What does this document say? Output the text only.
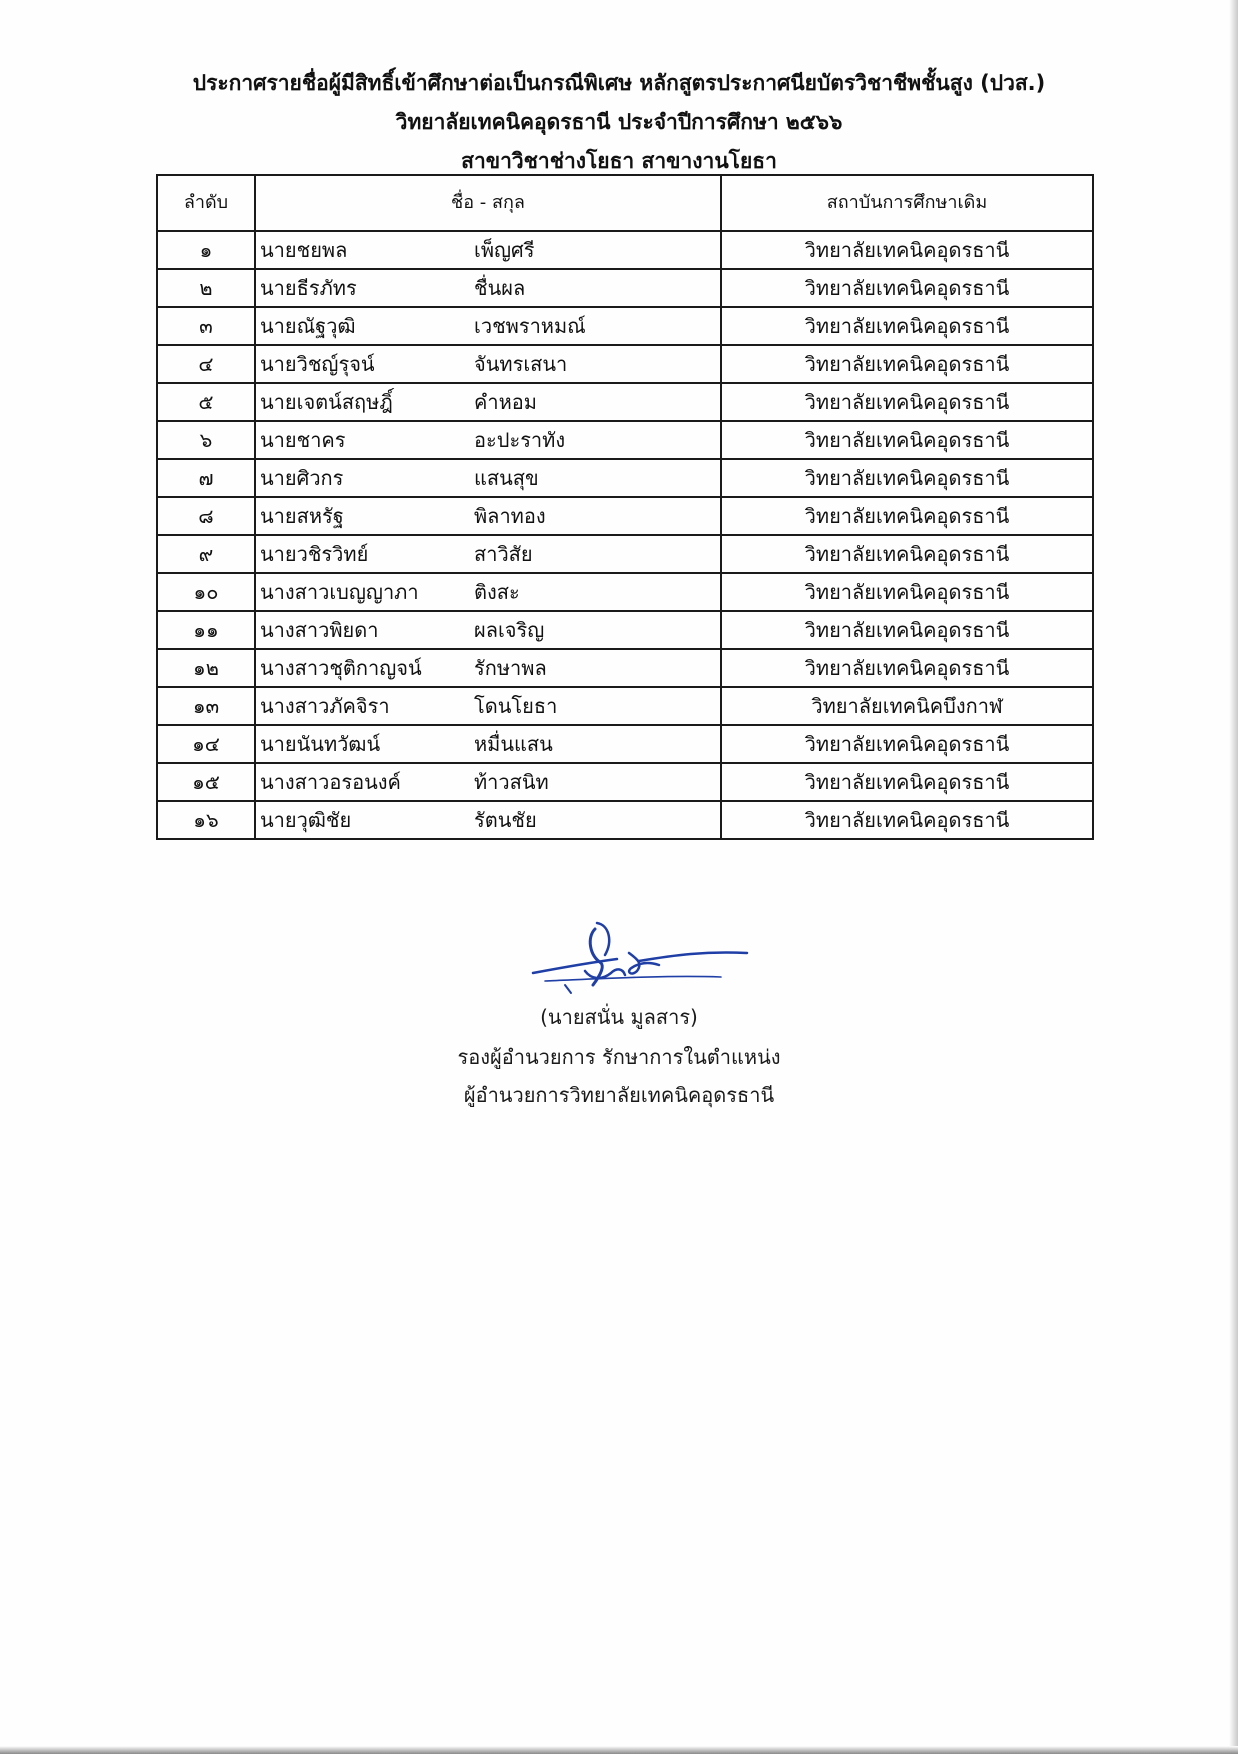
ประกาศรายชื่อผู้มีสิทธิ์เข้าศึกษาต่อเป็นกรณีพิเศษ หลักสูตรประกาศนียบัตรวิชาชีพชั้นสูง (ปวส.)
วิทยาลัยเทคนิคอุดรธานี ประจำปีการศึกษา ๒๕๖๖
สาขาวิชาช่างโยธา สาขางานโยธา
ลำดับ	ชื่อ - สกุล	สถาบันการศึกษาเดิม
๑	นายชยพล เพ็ญศรี	วิทยาลัยเทคนิคอุดรธานี
๒	นายธีรภัทร ชื่นผล	วิทยาลัยเทคนิคอุดรธานี
๓	นายณัฐวุฒิ เวชพราหมณ์	วิทยาลัยเทคนิคอุดรธานี
๔	นายวิชญ์รุจน์ จันทรเสนา	วิทยาลัยเทคนิคอุดรธานี
๕	นายเจตน์สฤษฎิ์ คำหอม	วิทยาลัยเทคนิคอุดรธานี
๖	นายชาคร อะปะราทัง	วิทยาลัยเทคนิคอุดรธานี
๗	นายศิวกร แสนสุข	วิทยาลัยเทคนิคอุดรธานี
๘	นายสหรัฐ พิลาทอง	วิทยาลัยเทคนิคอุดรธานี
๙	นายวชิรวิทย์ สาวิสัย	วิทยาลัยเทคนิคอุดรธานี
๑๐	นางสาวเบญญาภา ติงสะ	วิทยาลัยเทคนิคอุดรธานี
๑๑	นางสาวพิยดา ผลเจริญ	วิทยาลัยเทคนิคอุดรธานี
๑๒	นางสาวชุติกาญจน์ รักษาพล	วิทยาลัยเทคนิคอุดรธานี
๑๓	นางสาวภัคจิรา โดนโยธา	วิทยาลัยเทคนิคบึงกาฬ
๑๔	นายนันทวัฒน์ หมื่นแสน	วิทยาลัยเทคนิคอุดรธานี
๑๕	นางสาวอรอนงค์ ท้าวสนิท	วิทยาลัยเทคนิคอุดรธานี
๑๖	นายวุฒิชัย รัตนชัย	วิทยาลัยเทคนิคอุดรธานี
(นายสนั่น มูลสาร)
รองผู้อำนวยการ รักษาการในตำแหน่ง
ผู้อำนวยการวิทยาลัยเทคนิคอุดรธานี
